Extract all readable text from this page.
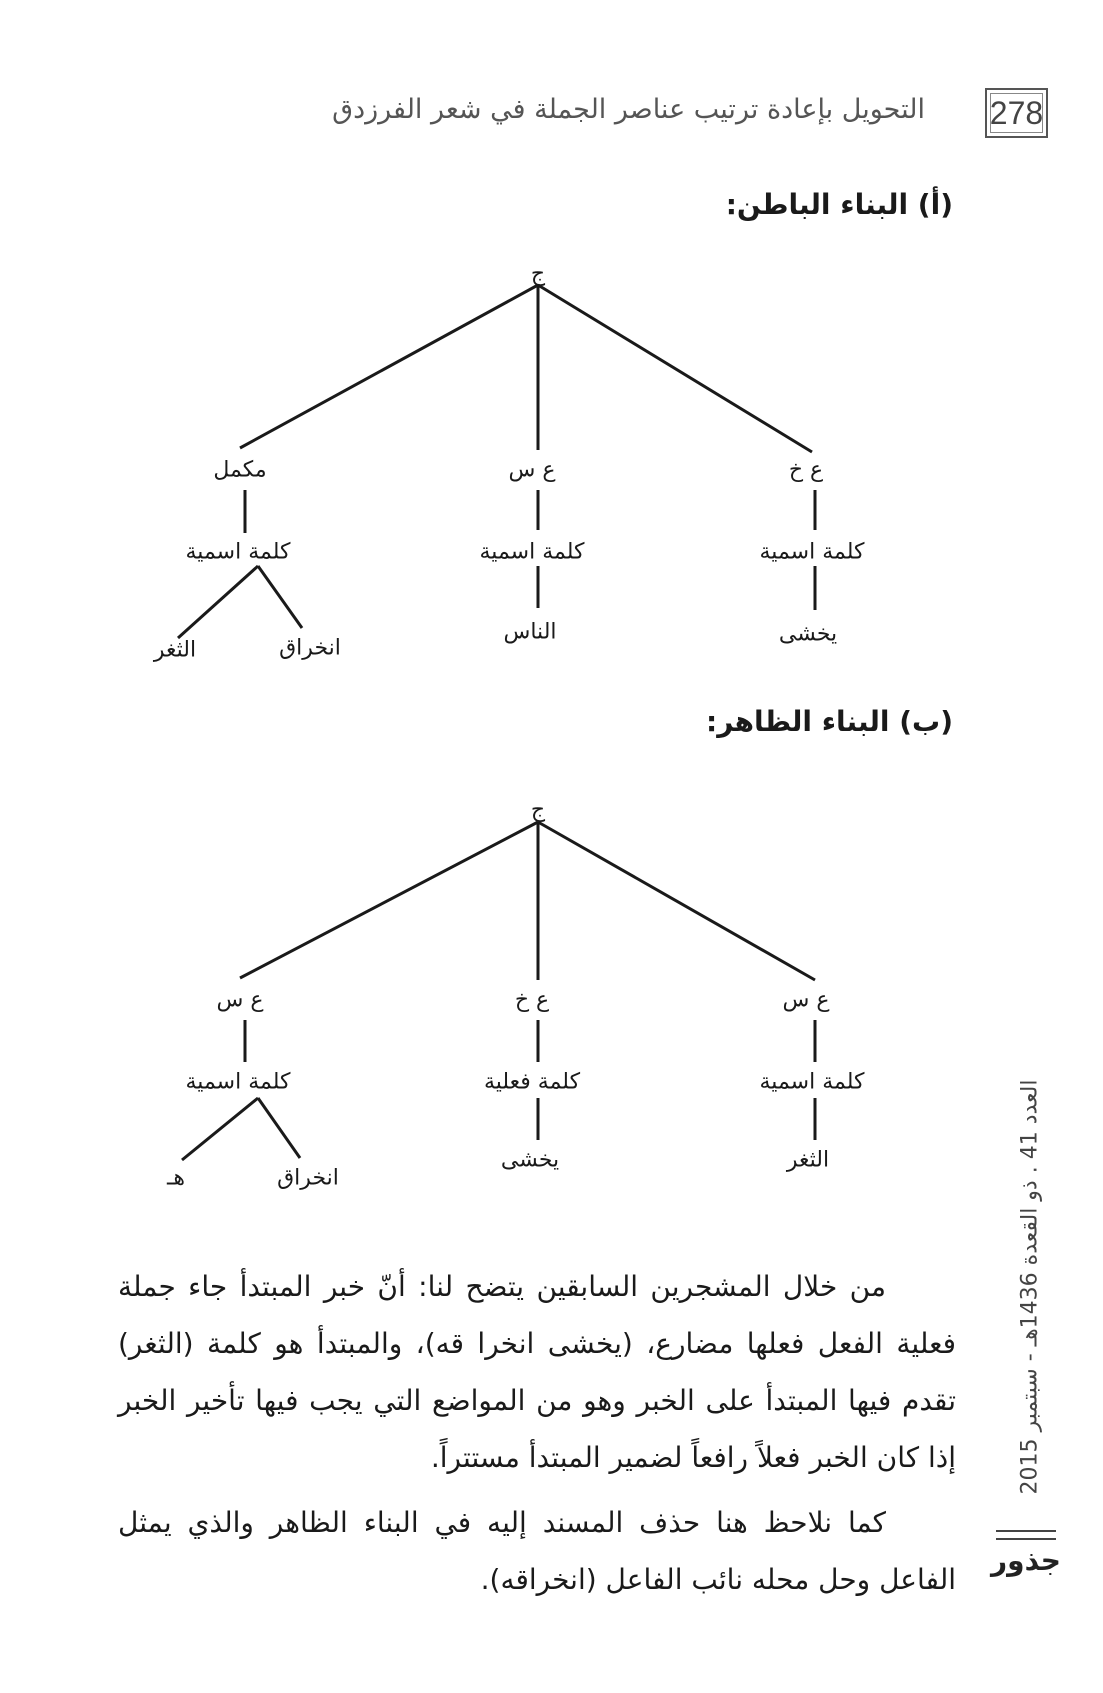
278
التحويل بإعادة ترتيب عناصر الجملة في شعر الفرزدق
(أ) البناء الباطن:
ج
مكمل	ع س	ع خ
كلمة اسمية	كلمة اسمية	كلمة اسمية
الناس	يخشى
الثغر	انخراق
(ب) البناء الظاهر:
ج
ع س	ع خ	ع س
كلمة اسمية	كلمة فعلية	كلمة اسمية
يخشى	الثغر
هـ	انخراق

من خلال المشجرين السابقين يتضح لنا: أنّ خبر المبتدأ جاء جملة فعلية الفعل فعلها مضارع، (يخشى انخرا قه)، والمبتدأ هو كلمة (الثغر) تقدم فيها المبتدأ على الخبر وهو من المواضع التي يجب فيها تأخير الخبر إذا كان الخبر فعلاً رافعاً لضمير المبتدأ مستتراً.

كما نلاحظ هنا حذف المسند إليه في البناء الظاهر والذي يمثل الفاعل وحل محله نائب الفاعل (انخراقه).

العدد 41 . ذو القعدة 1436هـ - سبتمبر 2015
جذور
